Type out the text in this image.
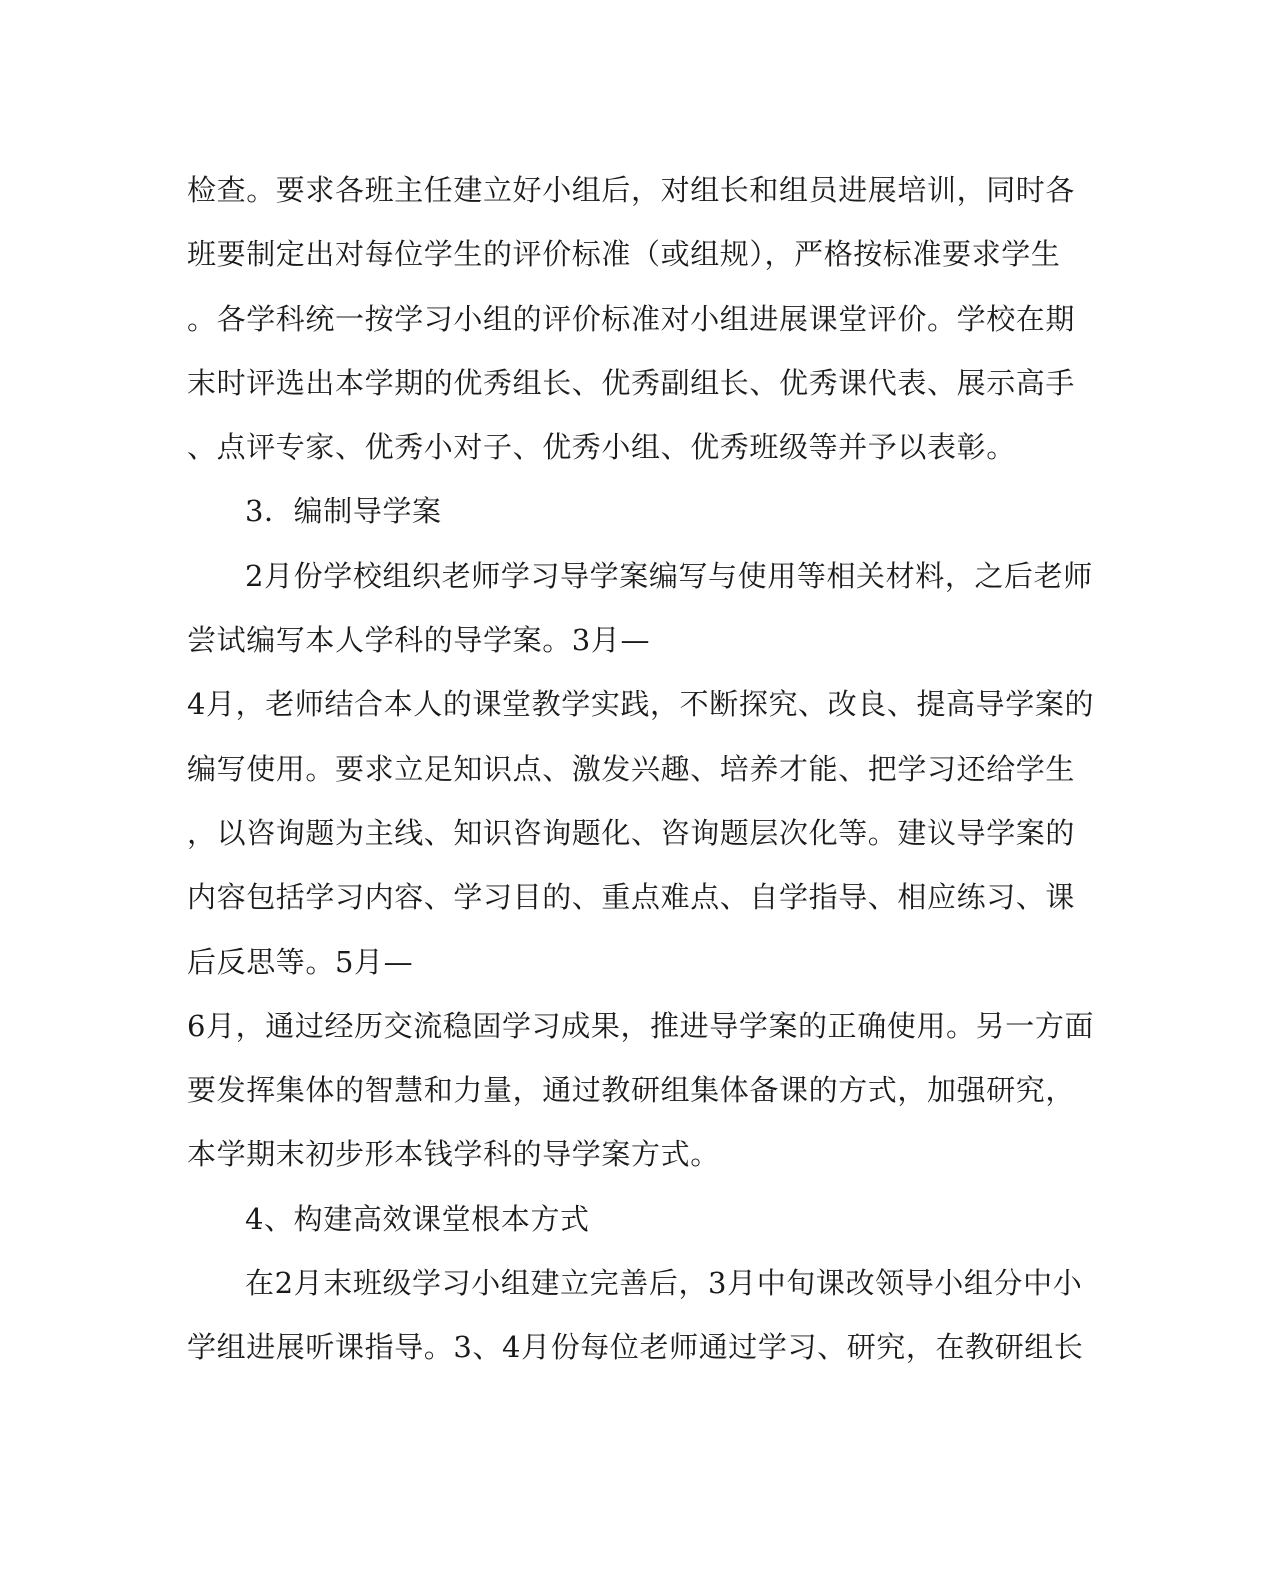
检查。要求各班主任建立好小组后，对组长和组员进展培训，同时各
班要制定出对每位学生的评价标准（或组规），严格按标准要求学生
。各学科统一按学习小组的评价标准对小组进展课堂评价。学校在期
末时评选出本学期的优秀组长、优秀副组长、优秀课代表、展示高手
、点评专家、优秀小对子、优秀小组、优秀班级等并予以表彰。
3．编制导学案
2月份学校组织老师学习导学案编写与使用等相关材料，之后老师
尝试编写本人学科的导学案。3月—
4月，老师结合本人的课堂教学实践，不断探究、改良、提高导学案的
编写使用。要求立足知识点、激发兴趣、培养才能、把学习还给学生
，以咨询题为主线、知识咨询题化、咨询题层次化等。建议导学案的
内容包括学习内容、学习目的、重点难点、自学指导、相应练习、课
后反思等。5月—
6月，通过经历交流稳固学习成果，推进导学案的正确使用。另一方面
要发挥集体的智慧和力量，通过教研组集体备课的方式，加强研究，
本学期末初步形本钱学科的导学案方式。
4、构建高效课堂根本方式
在2月末班级学习小组建立完善后，3月中旬课改领导小组分中小
学组进展听课指导。3、4月份每位老师通过学习、研究，在教研组长
